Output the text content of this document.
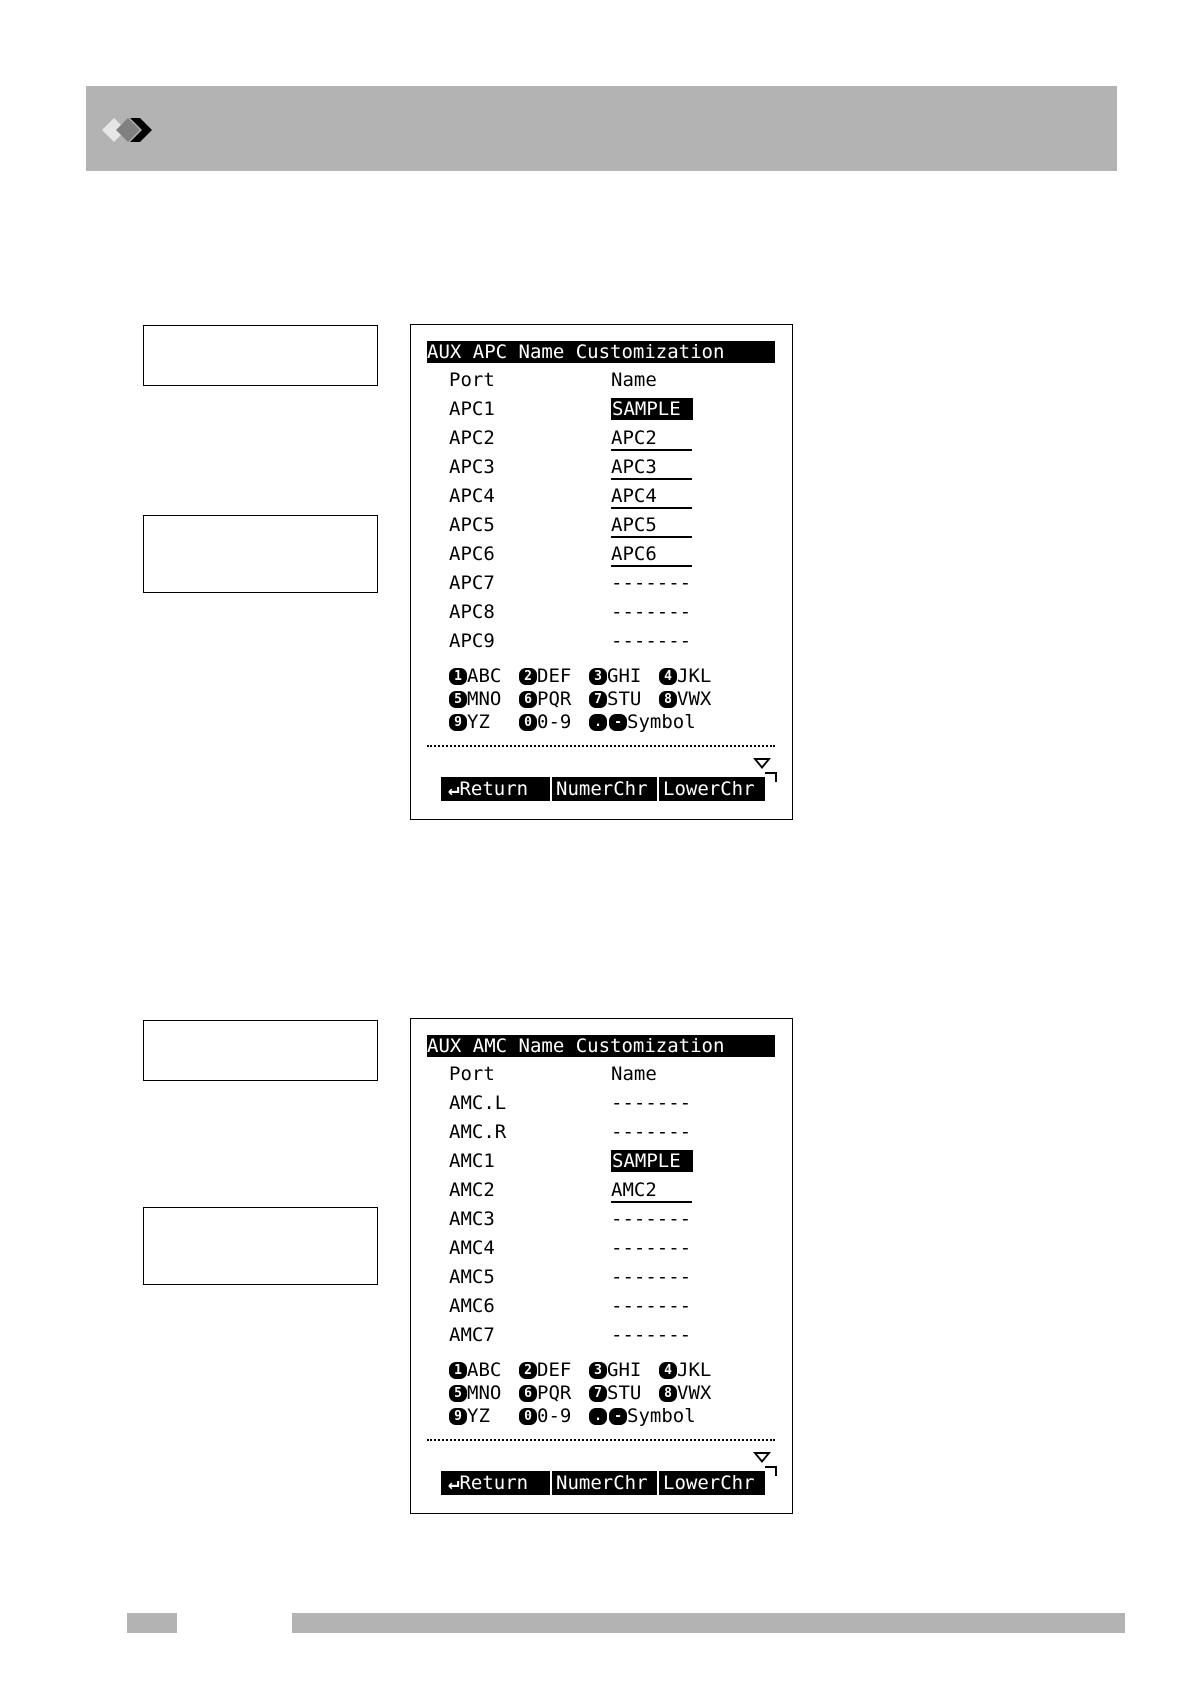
AUX APC Name Customization
Port	Name
APC1	SAMPLE
APC2	APC2
APC3	APC3
APC4	APC4
APC5	APC5
APC6	APC6
APC7	-------
APC8	-------
APC9	-------
1 ABC	2 DEF	3 GHI	4 JKL
5 MNO	6 PQR	7 STU	8 VWX
9 YZ	0 0-9	. - Symbol
↵Return	NumerChr LowerChr
AUX AMC Name Customization
Port	Name
AMC.L	-------
AMC.R	-------
AMC1	SAMPLE
AMC2	AMC2
AMC3	-------
AMC4	-------
AMC5	-------
AMC6	-------
AMC7	-------
1 ABC	2 DEF	3 GHI	4 JKL
5 MNO	6 PQR	7 STU	8 VWX
9 YZ	0 0-9	. - Symbol
↵Return	NumerChr LowerChr
